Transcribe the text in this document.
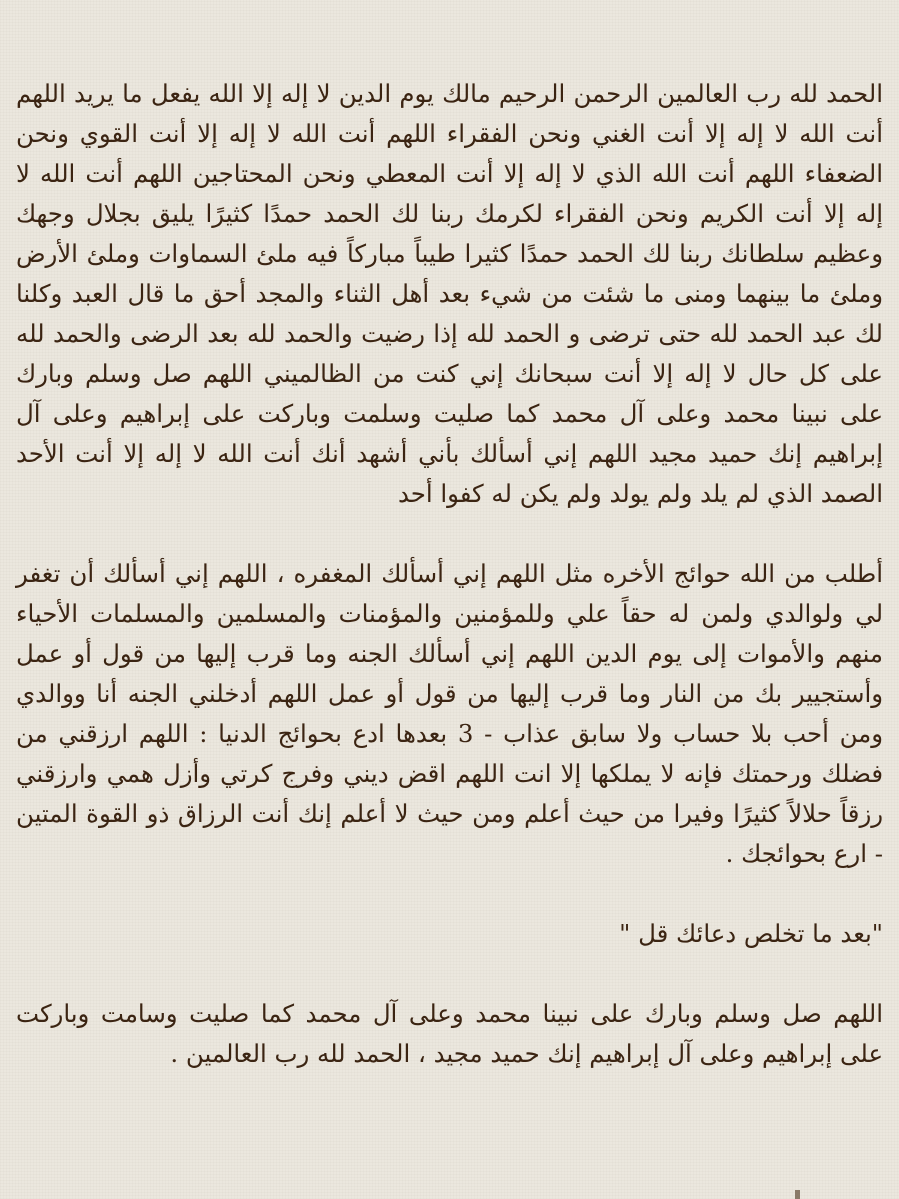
الحمد لله رب العالمين الرحمن الرحيم مالك يوم الدين لا إله إلا الله يفعل ما يريد اللهم أنت الله لا إله إلا أنت الغني ونحن الفقراء اللهم أنت الله لا إله إلا أنت القوي ونحن الضعفاء اللهم أنت الله الذي لا إله إلا أنت المعطي ونحن المحتاجين اللهم أنت الله لا إله إلا أنت الكريم ونحن الفقراء لكرمك ربنا لك الحمد حمدًا كثيرًا يليق بجلال وجهك وعظيم سلطانك ربنا لك الحمد حمدًا كثيرا طيباً مباركاً فيه ملئ السماوات وملئ الأرض وملئ ما بينهما ومنى ما شئت من شيء بعد أهل الثناء والمجد أحق ما قال العبد وكلنا لك عبد الحمد لله حتى ترضى و الحمد لله إذا رضيت والحمد لله بعد الرضى والحمد لله على كل حال لا إله إلا أنت سبحانك إني كنت من الظالميني اللهم صل وسلم وبارك على نبينا محمد وعلى آل محمد كما صليت وسلمت وباركت على إبراهيم وعلى آل إبراهيم إنك حميد مجيد اللهم إني أسألك بأني أشهد أنك أنت الله لا إله إلا أنت الأحد الصمد الذي لم يلد ولم يولد ولم يكن له كفوا أحد

أطلب من الله حوائج الأخره مثل اللهم إني أسألك المغفره ، اللهم إني أسألك أن تغفر لي ولوالدي ولمن له حقاً علي وللمؤمنين والمؤمنات والمسلمين والمسلمات الأحياء منهم والأموات إلى يوم الدين اللهم إني أسألك الجنه وما قرب إليها من قول أو عمل وأستجيير بك من النار وما قرب إليها من قول أو عمل اللهم أدخلني الجنه أنا ووالدي ومن أحب بلا حساب ولا سابق عذاب - 3 بعدها ادع بحوائج الدنيا : اللهم ارزقني من فضلك ورحمتك فإنه لا يملكها إلا انت اللهم اقض ديني وفرج كرتي وأزل همي وارزقني رزقاً حلالاً كثيرًا وفيرا من حيث أعلم ومن حيث لا أعلم إنك أنت الرزاق ذو القوة المتين - ارع بحوائجك .

"بعد ما تخلص دعائك قل "

اللهم صل وسلم وبارك على نبينا محمد وعلى آل محمد كما صليت وسامت وباركت على إبراهيم وعلى آل إبراهيم إنك حميد مجيد ، الحمد لله رب العالمين .
